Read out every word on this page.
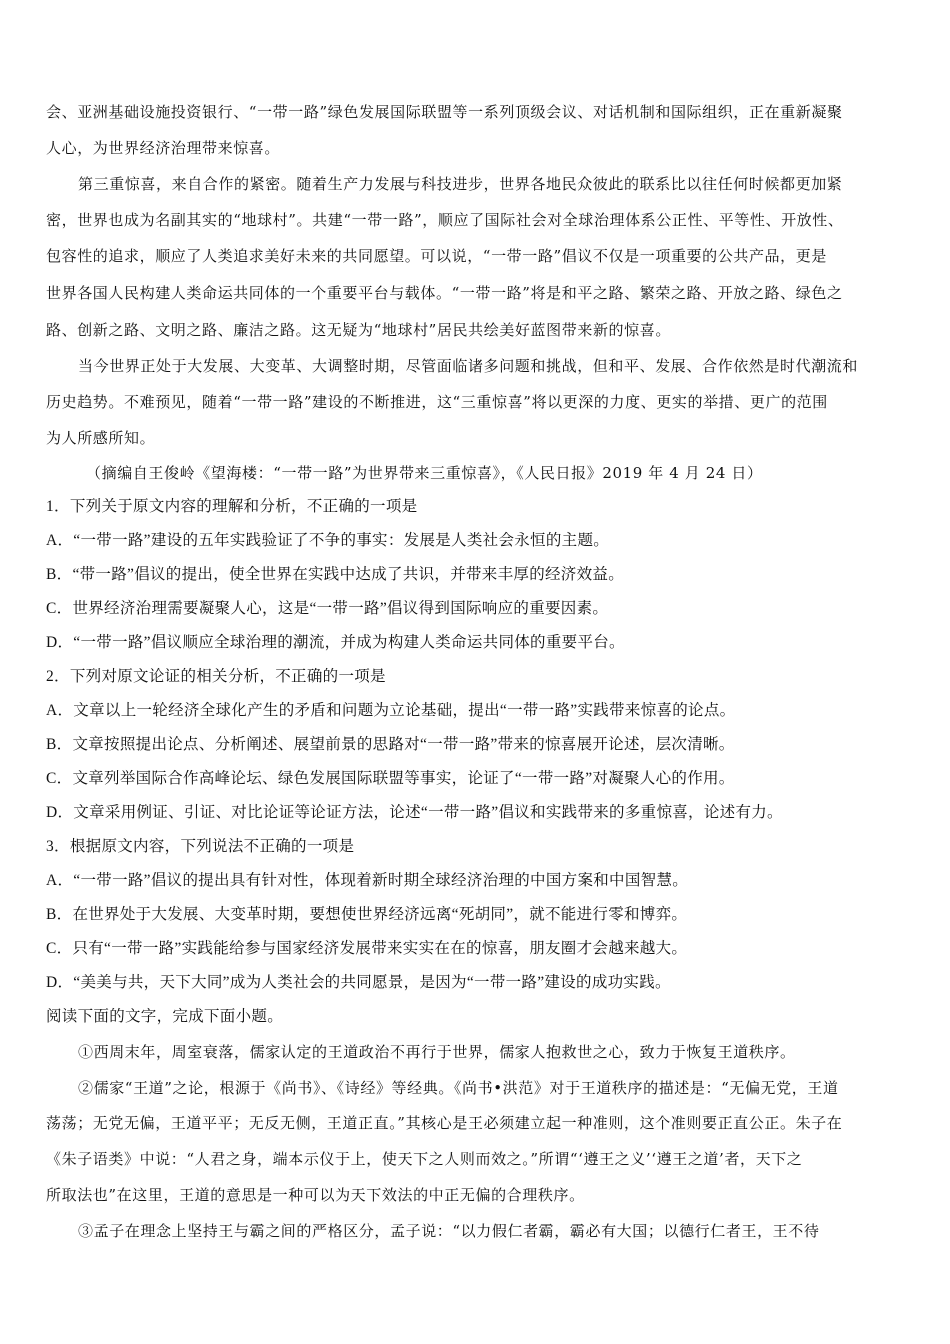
会、亚洲基础设施投资银行、“一带一路”绿色发展国际联盟等一系列顶级会议、对话机制和国际组织，正在重新凝聚
人心，为世界经济治理带来惊喜。
第三重惊喜，来自合作的紧密。随着生产力发展与科技进步，世界各地民众彼此的联系比以往任何时候都更加紧
密，世界也成为名副其实的“地球村”。共建“一带一路”，顺应了国际社会对全球治理体系公正性、平等性、开放性、
包容性的追求，顺应了人类追求美好未来的共同愿望。可以说，“一带一路”倡议不仅是一项重要的公共产品，更是
世界各国人民构建人类命运共同体的一个重要平台与载体。“一带一路”将是和平之路、繁荣之路、开放之路、绿色之
路、创新之路、文明之路、廉洁之路。这无疑为“地球村”居民共绘美好蓝图带来新的惊喜。
当今世界正处于大发展、大变革、大调整时期，尽管面临诸多问题和挑战，但和平、发展、合作依然是时代潮流和
历史趋势。不难预见，随着“一带一路”建设的不断推进，这“三重惊喜”将以更深的力度、更实的举措、更广的范围
为人所感所知。
（摘编自王俊岭《望海楼：“一带一路”为世界带来三重惊喜》，《人民日报》2019 年 4 月 24 日）
1．下列关于原文内容的理解和分析，不正确的一项是
A．“一带一路”建设的五年实践验证了不争的事实：发展是人类社会永恒的主题。
B．“带一路”倡议的提出，使全世界在实践中达成了共识，并带来丰厚的经济效益。
C．世界经济治理需要凝聚人心，这是“一带一路”倡议得到国际响应的重要因素。
D．“一带一路”倡议顺应全球治理的潮流，并成为构建人类命运共同体的重要平台。
2．下列对原文论证的相关分析，不正确的一项是
A．文章以上一轮经济全球化产生的矛盾和问题为立论基础，提出“一带一路”实践带来惊喜的论点。
B．文章按照提出论点、分析阐述、展望前景的思路对“一带一路”带来的惊喜展开论述，层次清晰。
C．文章列举国际合作高峰论坛、绿色发展国际联盟等事实，论证了“一带一路”对凝聚人心的作用。
D．文章采用例证、引证、对比论证等论证方法，论述“一带一路”倡议和实践带来的多重惊喜，论述有力。
3．根据原文内容，下列说法不正确的一项是
A．“一带一路”倡议的提出具有针对性，体现着新时期全球经济治理的中国方案和中国智慧。
B．在世界处于大发展、大变革时期，要想使世界经济远离“死胡同”，就不能进行零和博弈。
C．只有“一带一路”实践能给参与国家经济发展带来实实在在的惊喜，朋友圈才会越来越大。
D．“美美与共，天下大同”成为人类社会的共同愿景，是因为“一带一路”建设的成功实践。
阅读下面的文字，完成下面小题。
①西周末年，周室衰落，儒家认定的王道政治不再行于世界，儒家人抱救世之心，致力于恢复王道秩序。
②儒家“王道”之论，根源于《尚书》、《诗经》等经典。《尚书•洪范》对于王道秩序的描述是：“无偏无党，王道
荡荡；无党无偏，王道平平；无反无侧，王道正直。”其核心是王必须建立起一种准则，这个准则要正直公正。朱子在
《朱子语类》中说：“人君之身，端本示仪于上，使天下之人则而效之。”所谓“‘遵王之义’‘遵王之道’者，天下之
所取法也”在这里，王道的意思是一种可以为天下效法的中正无偏的合理秩序。
③孟子在理念上坚持王与霸之间的严格区分，孟子说：“以力假仁者霸，霸必有大国；以德行仁者王，王不待
